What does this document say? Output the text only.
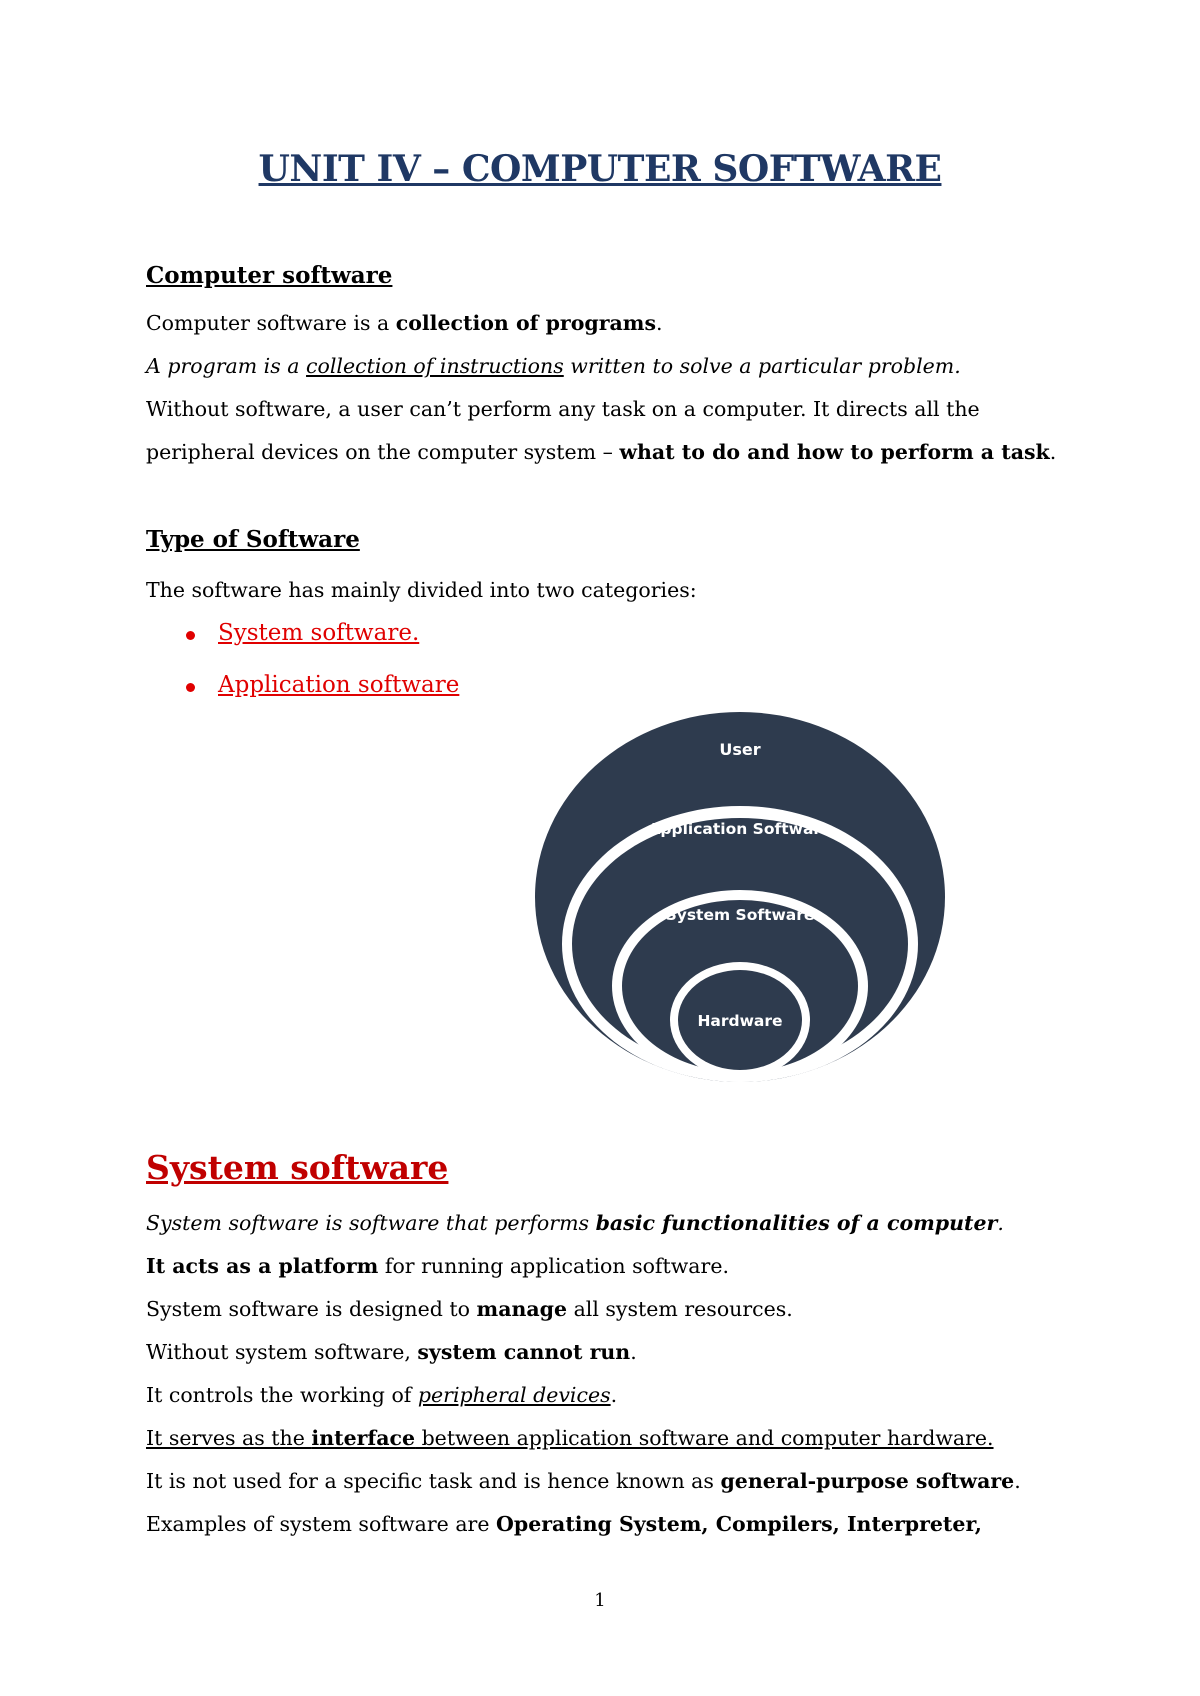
UNIT IV – COMPUTER SOFTWARE
Computer software
Computer software is a collection of programs.
A program is a collection of instructions written to solve a particular problem.
Without software, a user can’t perform any task on a computer. It directs all the
peripheral devices on the computer system – what to do and how to perform a task.
Type of Software
The software has mainly divided into two categories:
System software.
Application software
User
Application Software
System Software
Hardware
System software
System software is software that performs basic functionalities of a computer.
It acts as a platform for running application software.
System software is designed to manage all system resources.
Without system software, system cannot run.
It controls the working of peripheral devices.
It serves as the interface between application software and computer hardware.
It is not used for a specific task and is hence known as general-purpose software.
Examples of system software are Operating System, Compilers, Interpreter,
1
